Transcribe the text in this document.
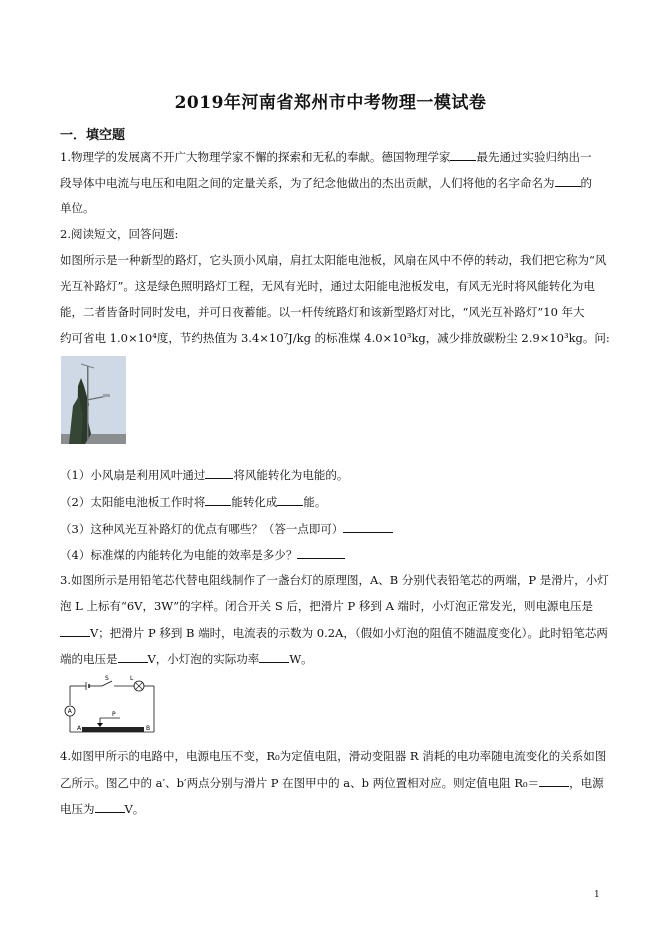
2019年河南省郑州市中考物理一模试卷
一．填空题
1.物理学的发展离不开广大物理学家不懈的探索和无私的奉献。德国物理学家 最先通过实验归纳出一
段导体中电流与电压和电阻之间的定量关系，为了纪念他做出的杰出贡献，人们将他的名字命名为 的
单位。
2.阅读短文，回答问题:
如图所示是一种新型的路灯，它头顶小风扇，肩扛太阳能电池板，风扇在风中不停的转动，我们把它称为“风
光互补路灯”。这是绿色照明路灯工程，无风有光时，通过太阳能电池板发电，有风无光时将风能转化为电
能，二者皆备时同时发电，并可日夜蓄能。以一杆传统路灯和该新型路灯对比，“风光互补路灯”10 年大
约可省电 1.0×10⁴度，节约热值为 3.4×10⁷J/kg 的标准煤 4.0×10³kg，减少排放碳粉尘 2.9×10³kg。问:
（1）小风扇是利用风叶通过 将风能转化为电能的。
（2）太阳能电池板工作时将 能转化成 能。
（3）这种风光互补路灯的优点有哪些？（答一点即可）
（4）标准煤的内能转化为电能的效率是多少？
3.如图所示是用铅笔芯代替电阻线制作了一盏台灯的原理图，A、B 分别代表铅笔芯的两端，P 是滑片，小灯
泡 L 上标有“6V，3W”的字样。闭合开关 S 后，把滑片 P 移到 A 端时，小灯泡正常发光，则电源电压是
V；把滑片 P 移到 B 端时，电流表的示数为 0.2A，（假如小灯泡的阻值不随温度变化）。此时铅笔芯两
端的电压是	V，小灯泡的实际功率	W。
S	L
A
A	B
P
4.如图甲所示的电路中，电源电压不变，R₀为定值电阻，滑动变阻器 R 消耗的电功率随电流变化的关系如图
乙所示。图乙中的 a′、b′两点分别与滑片 P 在图甲中的 a、b 两位置相对应。则定值电阻 R₀＝	，电源
电压为	V。
1
